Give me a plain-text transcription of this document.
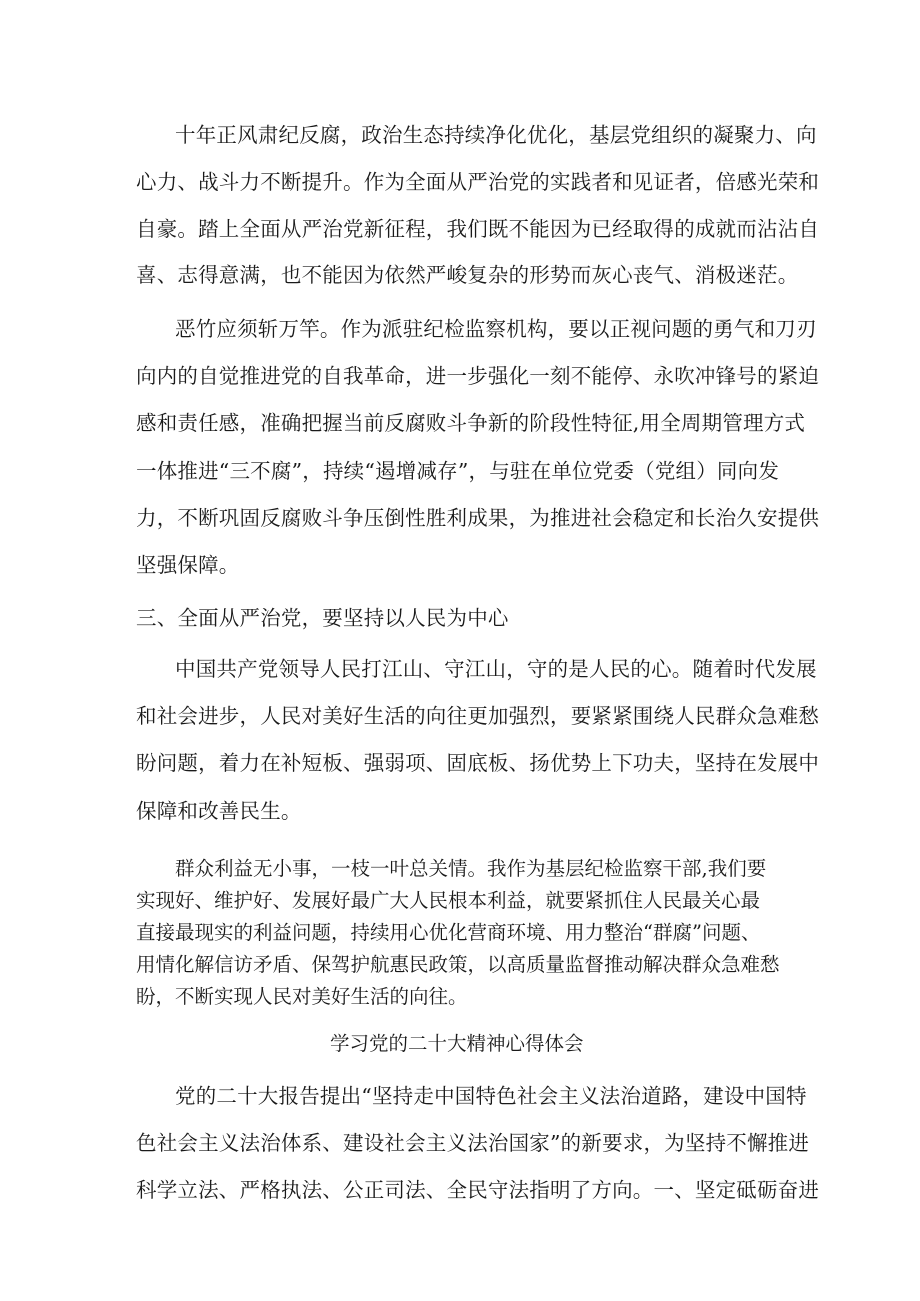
十年正风肃纪反腐，政治生态持续净化优化，基层党组织的凝聚力、向
心力、战斗力不断提升。作为全面从严治党的实践者和见证者，倍感光荣和
自豪。踏上全面从严治党新征程，我们既不能因为已经取得的成就而沾沾自
喜、志得意满，也不能因为依然严峻复杂的形势而灰心丧气、消极迷茫。
恶竹应须斩万竿。作为派驻纪检监察机构，要以正视问题的勇气和刀刃
向内的自觉推进党的自我革命，进一步强化一刻不能停、永吹冲锋号的紧迫
感和责任感，准确把握当前反腐败斗争新的阶段性特征,用全周期管理方式
一体推进“三不腐”，持续“遏增减存”，与驻在单位党委（党组）同向发
力，不断巩固反腐败斗争压倒性胜利成果，为推进社会稳定和长治久安提供
坚强保障。
三、全面从严治党，要坚持以人民为中心
中国共产党领导人民打江山、守江山，守的是人民的心。随着时代发展
和社会进步，人民对美好生活的向往更加强烈，要紧紧围绕人民群众急难愁
盼问题，着力在补短板、强弱项、固底板、扬优势上下功夫，坚持在发展中
保障和改善民生。
群众利益无小事，一枝一叶总关情。我作为基层纪检监察干部,我们要
实现好、维护好、发展好最广大人民根本利益，就要紧抓住人民最关心最
直接最现实的利益问题，持续用心优化营商环境、用力整治“群腐”问题、
用情化解信访矛盾、保驾护航惠民政策，以高质量监督推动解决群众急难愁
盼，不断实现人民对美好生活的向往。
学习党的二十大精神心得体会
党的二十大报告提出“坚持走中国特色社会主义法治道路，建设中国特
色社会主义法治体系、建设社会主义法治国家”的新要求，为坚持不懈推进
科学立法、严格执法、公正司法、全民守法指明了方向。一、坚定砥砺奋进
